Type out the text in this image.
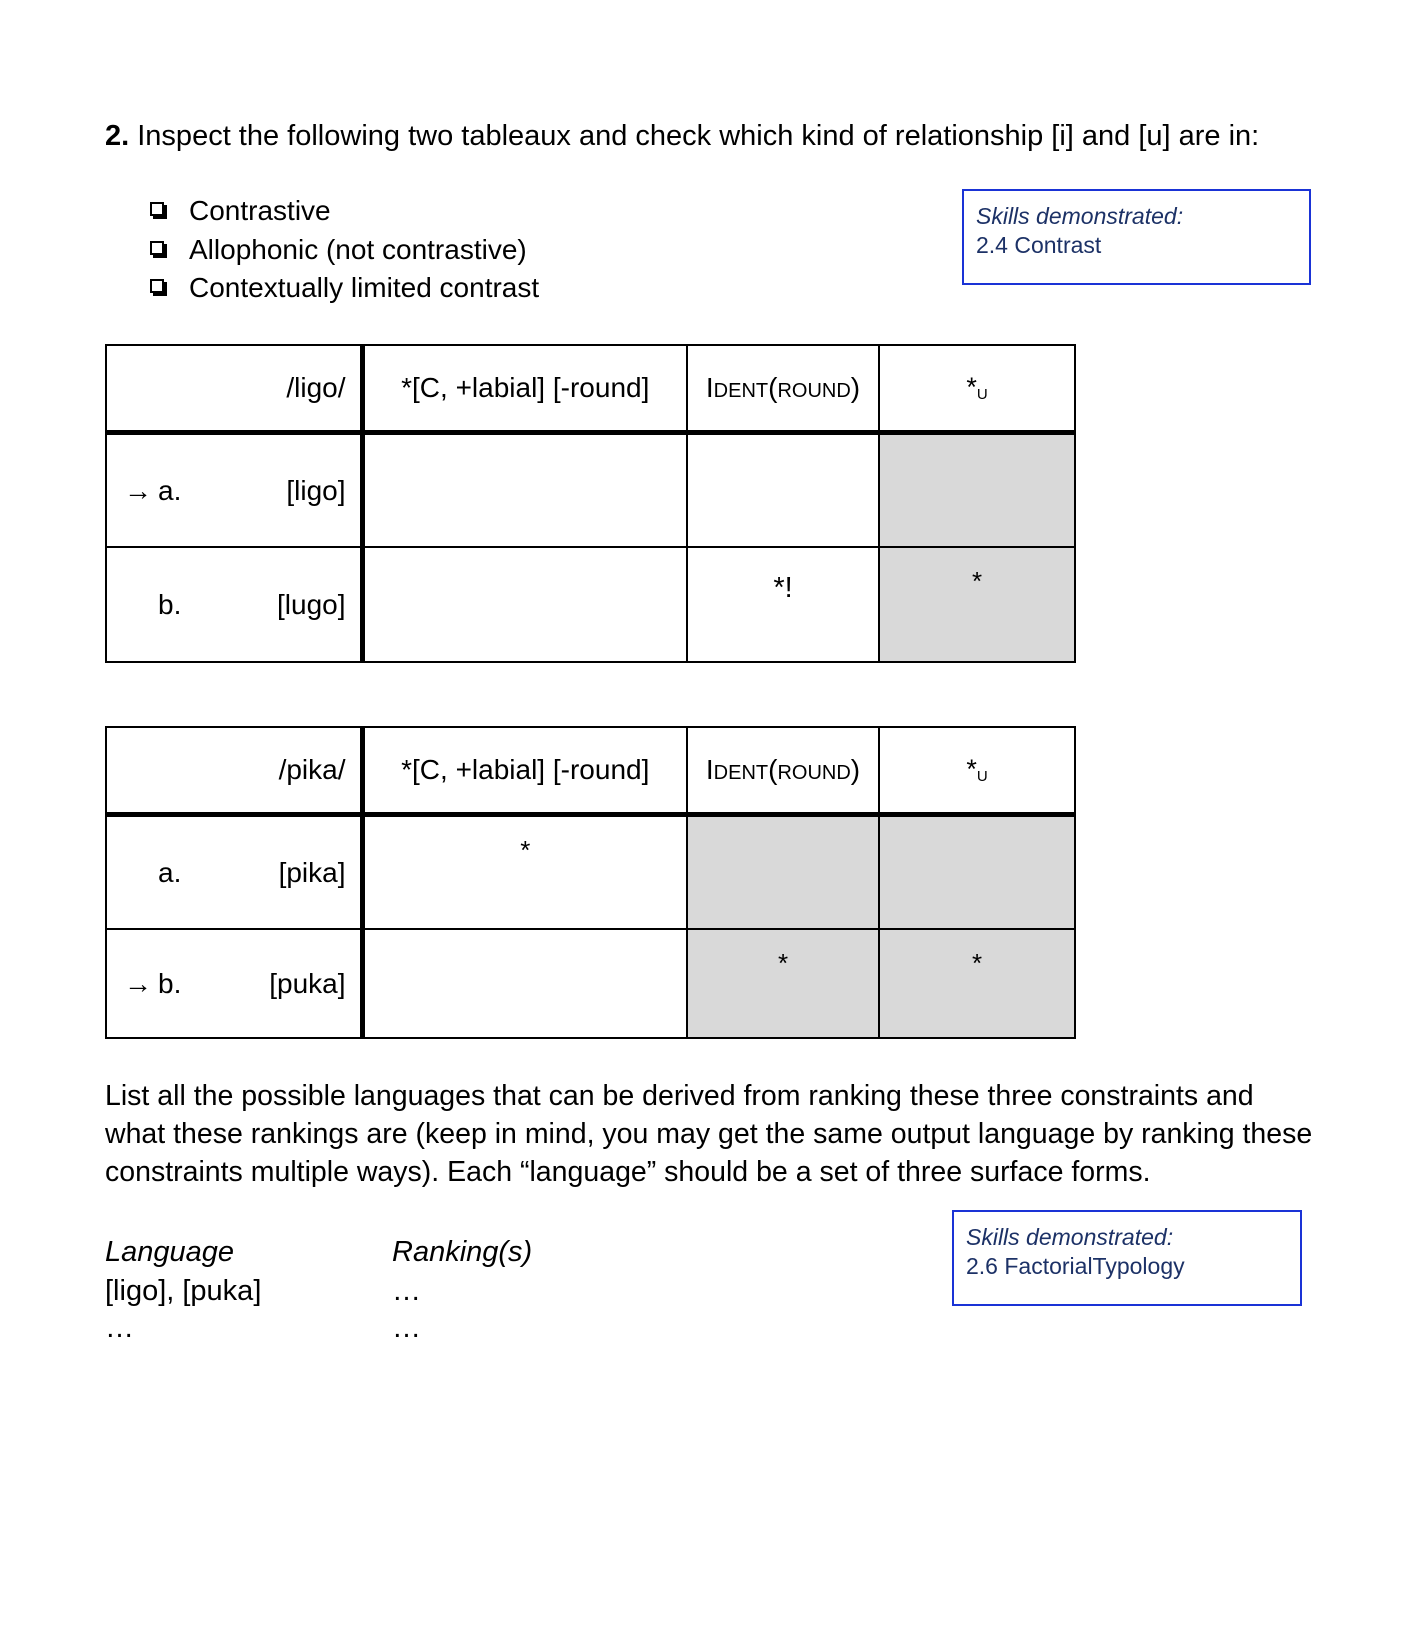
2. Inspect the following two tableaux and check which kind of relationship [i] and [u] are in:

Contrastive
Allophonic (not contrastive)
Contextually limited contrast
Skills demonstrated:
2.4 Contrast
/ligo/	*[C, +labial] [-round]	Ident(round)	*u

→ a. [ligo]			

b. [lugo]		*!	*
/pika/	*[C, +labial] [-round]	Ident(round)	*u

a. [pika]	*		

→ b. [puka]		*	*

List all the possible languages that can be derived from ranking these three constraints and what these rankings are (keep in mind, you may get the same output language by ranking these constraints multiple ways). Each “language” should be a set of three surface forms.

Skills demonstrated:
2.6 FactorialTypology
Language	Ranking(s)
[ligo], [puka]	…
…	…
